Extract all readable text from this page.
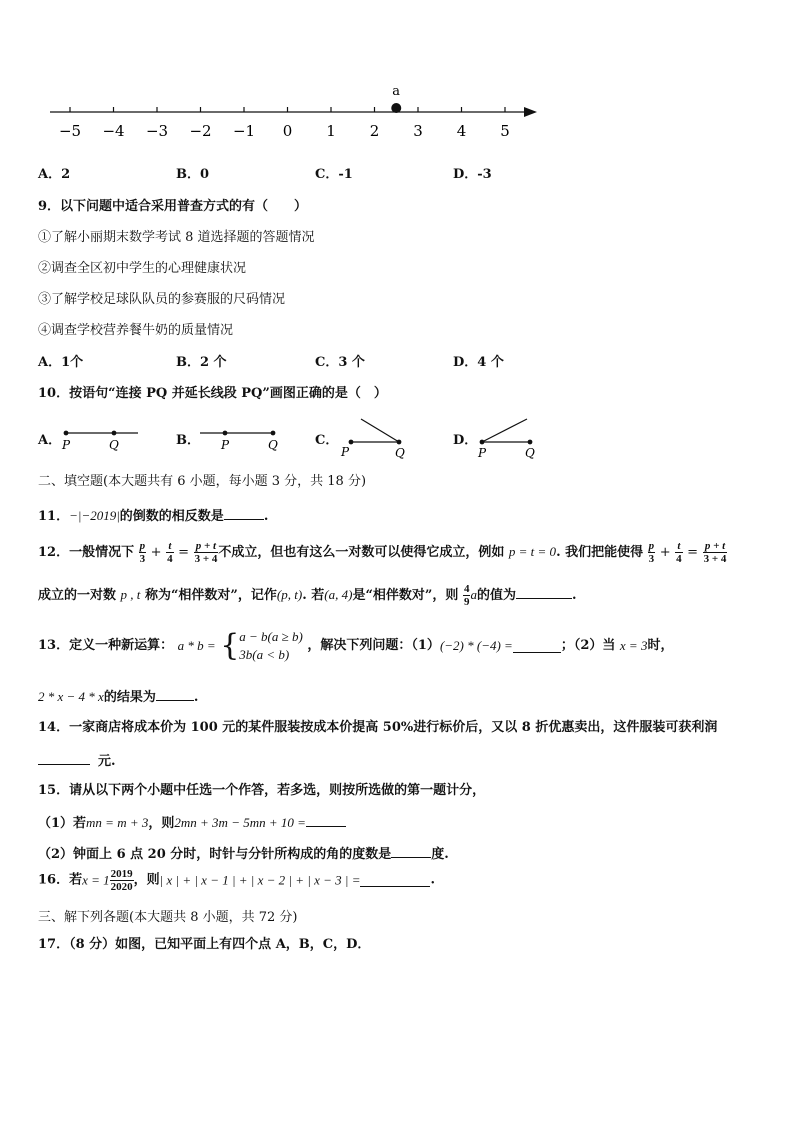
−5 −4 −3 −2 −1 0 1 2 3 4 5
a
A．2	B．0	C．-1	D．-3
9．以下问题中适合采用普查方式的有（　　）
①了解小丽期末数学考试 8 道选择题的答题情况
②调查全区初中学生的心理健康状况
③了解学校足球队队员的参赛服的尺码情况
④调查学校营养餐牛奶的质量情况
A．1个	B．2 个	C．3 个	D．4 个
10．按语句“连接 PQ 并延长线段 PQ”画图正确的是（　）
A． P	Q	B． P	Q	C．
P	Q
D．
P	Q
二、填空题(本大题共有 6 小题，每小题 3 分，共 18 分)
11．−|−2019|的倒数的相反数是	.
12．一般情况下 $\frac{p}{3} + \frac{t}{4} = \frac{p + t}{3 + 4}$ 不成立，但也有这么一对数可以使得它成立，例如 p = t = 0. 我们把能使得 $\frac{p}{3} + \frac{t}{4} = \frac{p + t}{3 + 4}$
成立的一对数 p , t 称为“相伴数对”，记作(p, t). 若(a, 4)是“相伴数对”，则 $\frac{4}{9}$ a的值为	.
13．定义一种新运算： a * b = { a − b(a ≥ b)
3b(a < b)
，解决下列问题：（1）(−2) * (−4) =	；（2）当 x = 3时，
2 * x − 4 * x的结果为	.
14．一家商店将成本价为 100 元的某件服装按成本价提高 50%进行标价后，又以 8 折优惠卖出，这件服装可获利润
元.
15．请从以下两个小题中任选一个作答，若多选，则按所选做的第一题计分，
（1）若mn = m + 3，则2mn + 3m − 5mn + 10 =
（2）钟面上 6 点 20 分时，时针与分针所构成的角的度数是	度.
16．若$x = 1 \frac{2019}{2020}$ ，则| x | + | x − 1 | + | x − 2 | + | x − 3 | =	.
三、解下列各题(本大题共 8 小题，共 72 分)
17．（8 分）如图，已知平面上有四个点 A，B，C，D．
